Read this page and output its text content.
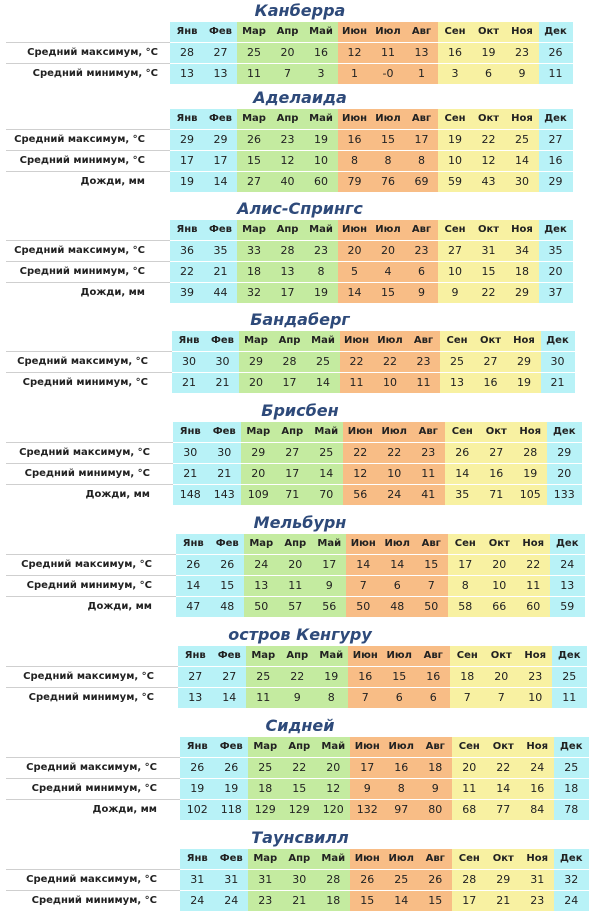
Канберра
Янв	Фев	Мар	Апр	Май Июн Июл	Авг	Сен	Окт	Ноя	Дек
Средний максимум, °C	28	27	25	20	16	12	11	13	16	19	23	26
Средний минимум, °C	13	13	11	7	3	1	-0	1	3	6	9	11
Аделаида
Янв	Фев	Мар	Апр	Май Июн Июл	Авг	Сен	Окт	Ноя	Дек
Средний максимум, °C	29	29	26	23	19	16	15	17	19	22	25	27
Средний минимум, °C	17	17	15	12	10	8	8	8	10	12	14	16
Дожди, мм	19	14	27	40	60	79	76	69	59	43	30	29
Алис-Спрингс
Янв	Фев	Мар	Апр	Май Июн Июл	Авг	Сен	Окт	Ноя	Дек
Средний максимум, °C	36	35	33	28	23	20	20	23	27	31	34	35
Средний минимум, °C	22	21	18	13	8	5	4	6	10	15	18	20
Дожди, мм	39	44	32	17	19	14	15	9	9	22	29	37
Бандаберг
Янв	Фев	Мар	Апр	Май Июн Июл	Авг	Сен	Окт	Ноя	Дек
Средний максимум, °C	30	30	29	28	25	22	22	23	25	27	29	30
Средний минимум, °C	21	21	20	17	14	11	10	11	13	16	19	21
Брисбен
Янв	Фев	Мар	Апр	Май Июн Июл	Авг	Сен	Окт	Ноя	Дек
Средний максимум, °C	30	30	29	27	25	22	22	23	26	27	28	29
Средний минимум, °C	21	21	20	17	14	12	10	11	14	16	19	20
Дожди, мм	148	143	109	71	70	56	24	41	35	71	105	133
Мельбурн
Янв	Фев	Мар	Апр	Май Июн Июл	Авг	Сен	Окт	Ноя	Дек
Средний максимум, °C	26	26	24	20	17	14	14	15	17	20	22	24
Средний минимум, °C	14	15	13	11	9	7	6	7	8	10	11	13
Дожди, мм	47	48	50	57	56	50	48	50	58	66	60	59
остров Кенгуру
Янв	Фев	Мар	Апр	Май Июн Июл	Авг	Сен	Окт	Ноя	Дек
Средний максимум, °C	27	27	25	22	19	16	15	16	18	20	23	25
Средний минимум, °C	13	14	11	9	8	7	6	6	7	7	10	11
Сидней
Янв	Фев	Мар	Апр	Май Июн Июл	Авг	Сен	Окт	Ноя	Дек
Средний максимум, °C	26	26	25	22	20	17	16	18	20	22	24	25
Средний минимум, °C	19	19	18	15	12	9	8	9	11	14	16	18
Дожди, мм	102	118	129	129	120	132	97	80	68	77	84	78
Таунсвилл
Янв	Фев	Мар	Апр	Май Июн Июл	Авг	Сен	Окт	Ноя	Дек
Средний максимум, °C	31	31	31	30	28	26	25	26	28	29	31	32
Средний минимум, °C	24	24	23	21	18	15	14	15	17	21	23	24
